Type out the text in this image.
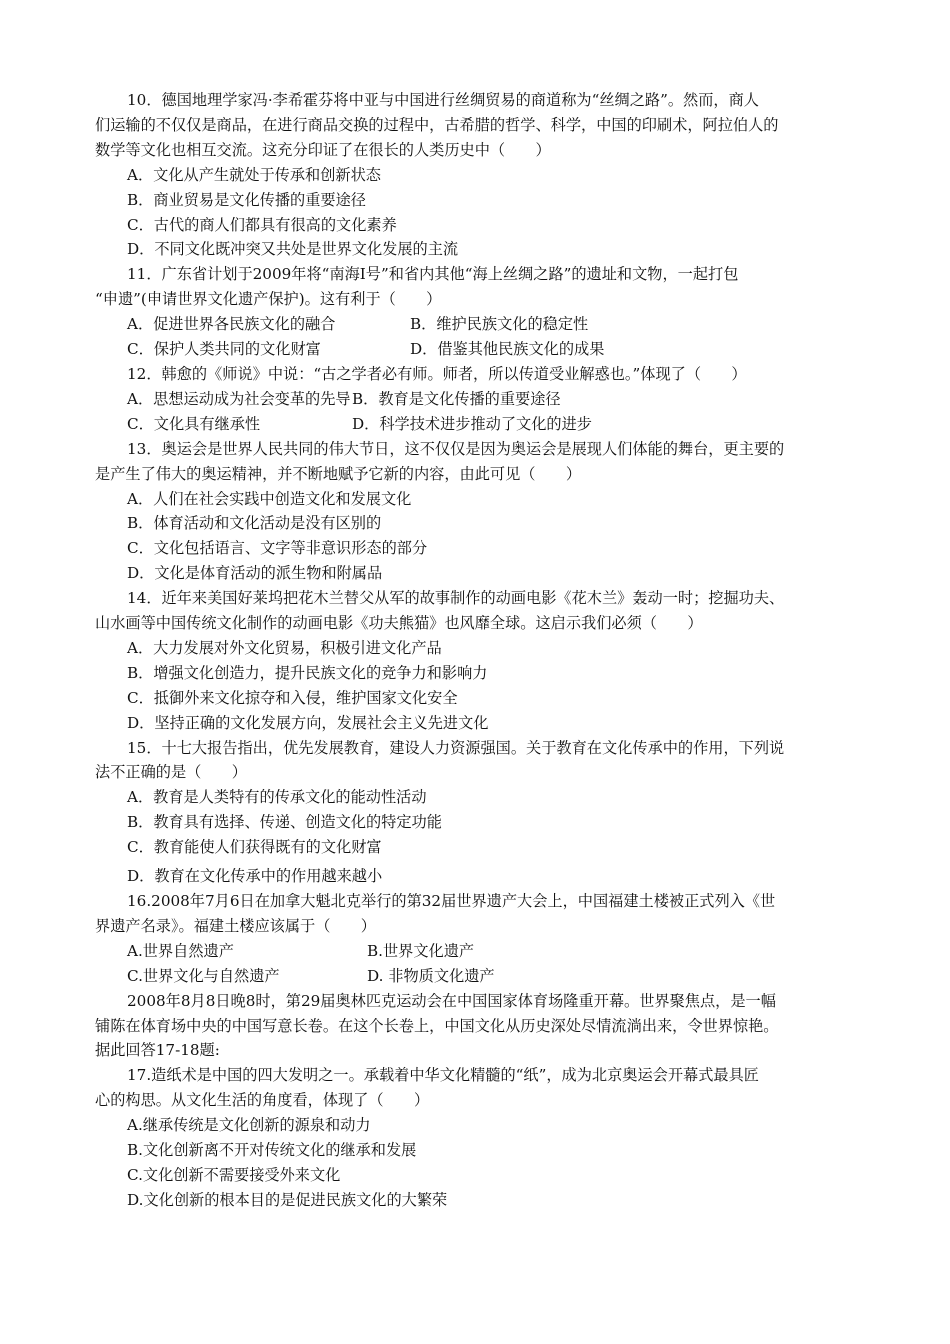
10．德国地理学家冯·李希霍芬将中亚与中国进行丝绸贸易的商道称为“丝绸之路”。然而，商人
们运输的不仅仅是商品，在进行商品交换的过程中，古希腊的哲学、科学，中国的印刷术，阿拉伯人的
数学等文化也相互交流。这充分印证了在很长的人类历史中（　　）
A．文化从产生就处于传承和创新状态
B．商业贸易是文化传播的重要途径
C．古代的商人们都具有很高的文化素养
D．不同文化既冲突又共处是世界文化发展的主流
11．广东省计划于2009年将“南海Ⅰ号”和省内其他“海上丝绸之路”的遗址和文物，一起打包
“申遗”(申请世界文化遗产保护)。这有利于（　　）
A．促进世界各民族文化的融合	B．维护民族文化的稳定性
C．保护人类共同的文化财富	D．借鉴其他民族文化的成果
12．韩愈的《师说》中说：“古之学者必有师。师者，所以传道受业解惑也。”体现了（　　）
A．思想运动成为社会变革的先导 B．教育是文化传播的重要途径
C．文化具有继承性	D．科学技术进步推动了文化的进步
13．奥运会是世界人民共同的伟大节日，这不仅仅是因为奥运会是展现人们体能的舞台，更主要的
是产生了伟大的奥运精神，并不断地赋予它新的内容，由此可见（　　）
A．人们在社会实践中创造文化和发展文化
B．体育活动和文化活动是没有区别的
C．文化包括语言、文字等非意识形态的部分
D．文化是体育活动的派生物和附属品
14．近年来美国好莱坞把花木兰替父从军的故事制作的动画电影《花木兰》轰动一时；挖掘功夫、
山水画等中国传统文化制作的动画电影《功夫熊猫》也风靡全球。这启示我们必须（　　）
A．大力发展对外文化贸易，积极引进文化产品
B．增强文化创造力，提升民族文化的竞争力和影响力
C．抵御外来文化掠夺和入侵，维护国家文化安全
D．坚持正确的文化发展方向，发展社会主义先进文化
15．十七大报告指出，优先发展教育，建设人力资源强国。关于教育在文化传承中的作用，下列说
法不正确的是（　　）
A．教育是人类特有的传承文化的能动性活动
B．教育具有选择、传递、创造文化的特定功能
C．教育能使人们获得既有的文化财富
D．教育在文化传承中的作用越来越小
16.2008年7月6日在加拿大魁北克举行的第32届世界遗产大会上，中国福建土楼被正式列入《世
界遗产名录》。福建土楼应该属于（　　）
A.世界自然遗产	B.世界文化遗产
C.世界文化与自然遗产	D. 非物质文化遗产
2008年8月8日晚8时，第29届奥林匹克运动会在中国国家体育场隆重开幕。世界聚焦点，是一幅
铺陈在体育场中央的中国写意长卷。在这个长卷上，中国文化从历史深处尽情流淌出来，令世界惊艳。
据此回答17-18题:
17.造纸术是中国的四大发明之一。承载着中华文化精髓的“纸”，成为北京奥运会开幕式最具匠
心的构思。从文化生活的角度看，体现了（　　）
A.继承传统是文化创新的源泉和动力
B.文化创新离不开对传统文化的继承和发展
C.文化创新不需要接受外来文化
D.文化创新的根本目的是促进民族文化的大繁荣
